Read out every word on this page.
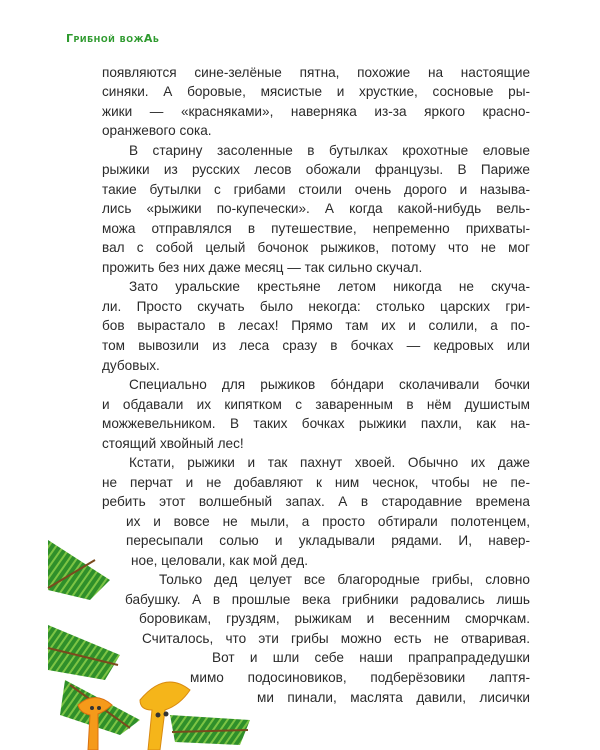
Грибной вожАь
появляются сине-зелёные пятна, похожие на настоящие
синяки. А боровые, мясистые и хрусткие, сосновые ры-
жики — «красняками», наверняка из-за яркого красно-
оранжевого сока.
В старину засоленные в бутылках крохотные еловые
рыжики из русских лесов обожали французы. В Париже
такие бутылки с грибами стоили очень дорого и называ-
лись «рыжики по-купечески». А когда какой-нибудь вель-
можа отправлялся в путешествие, непременно прихваты-
вал с собой целый бочонок рыжиков, потому что не мог
прожить без них даже месяц — так сильно скучал.
Зато уральские крестьяне летом никогда не скуча-
ли. Просто скучать было некогда: столько царских гри-
бов вырастало в лесах! Прямо там их и солили, а по-
том вывозили из леса сразу в бочках — кедровых или
дубовых.
Специально для рыжиков бо́ндари сколачивали бочки
и обдавали их кипятком с заваренным в нём душистым
можжевельником. В таких бочках рыжики пахли, как на-
стоящий хвойный лес!
Кстати, рыжики и так пахнут хвоей. Обычно их даже
не перчат и не добавляют к ним чеснок, чтобы не пе-
ребить этот волшебный запах. А в стародавние времена
их и вовсе не мыли, а просто обтирали полотенцем,
пересыпали солью и укладывали рядами. И, навер-
ное, целовали, как мой дед.
Только дед целует все благородные грибы, словно
бабушку. А в прошлые века грибники радовались лишь
боровикам, груздям, рыжикам и весенним сморчкам.
Считалось, что эти грибы можно есть не отваривая.
Вот и шли себе наши прапрапрадедушки
мимо подосиновиков, подберёзовики лаптя-
ми пинали, маслята давили, лисички
